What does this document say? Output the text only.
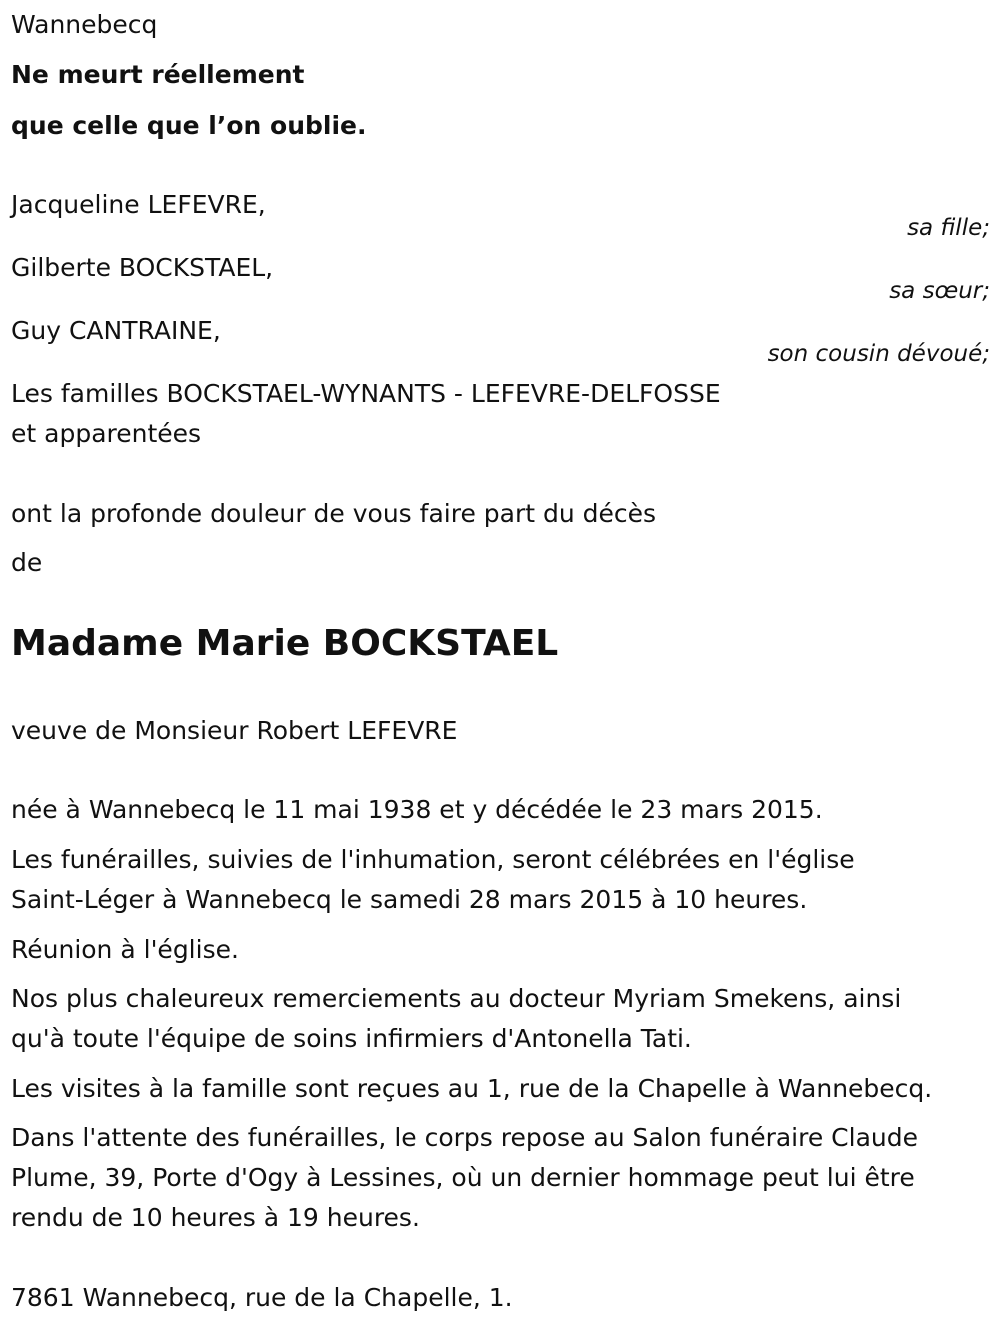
Wannebecq
Ne meurt réellement
que celle que l’on oublie.
Jacqueline LEFEVRE,
sa fille;
Gilberte BOCKSTAEL,
sa sœur;
Guy CANTRAINE,
son cousin dévoué;
Les familles BOCKSTAEL-WYNANTS - LEFEVRE-DELFOSSE
et apparentées
ont la profonde douleur de vous faire part du décès
de
Madame Marie BOCKSTAEL
veuve de Monsieur Robert LEFEVRE
née à Wannebecq le 11 mai 1938 et y décédée le 23 mars 2015.
Les funérailles, suivies de l'inhumation, seront célébrées en l'église
Saint-Léger à Wannebecq le samedi 28 mars 2015 à 10 heures.
Réunion à l'église.
Nos plus chaleureux remerciements au docteur Myriam Smekens, ainsi
qu'à toute l'équipe de soins infirmiers d'Antonella Tati.
Les visites à la famille sont reçues au 1, rue de la Chapelle à Wannebecq.
Dans l'attente des funérailles, le corps repose au Salon funéraire Claude
Plume, 39, Porte d'Ogy à Lessines, où un dernier hommage peut lui être
rendu de 10 heures à 19 heures.
7861 Wannebecq, rue de la Chapelle, 1.
